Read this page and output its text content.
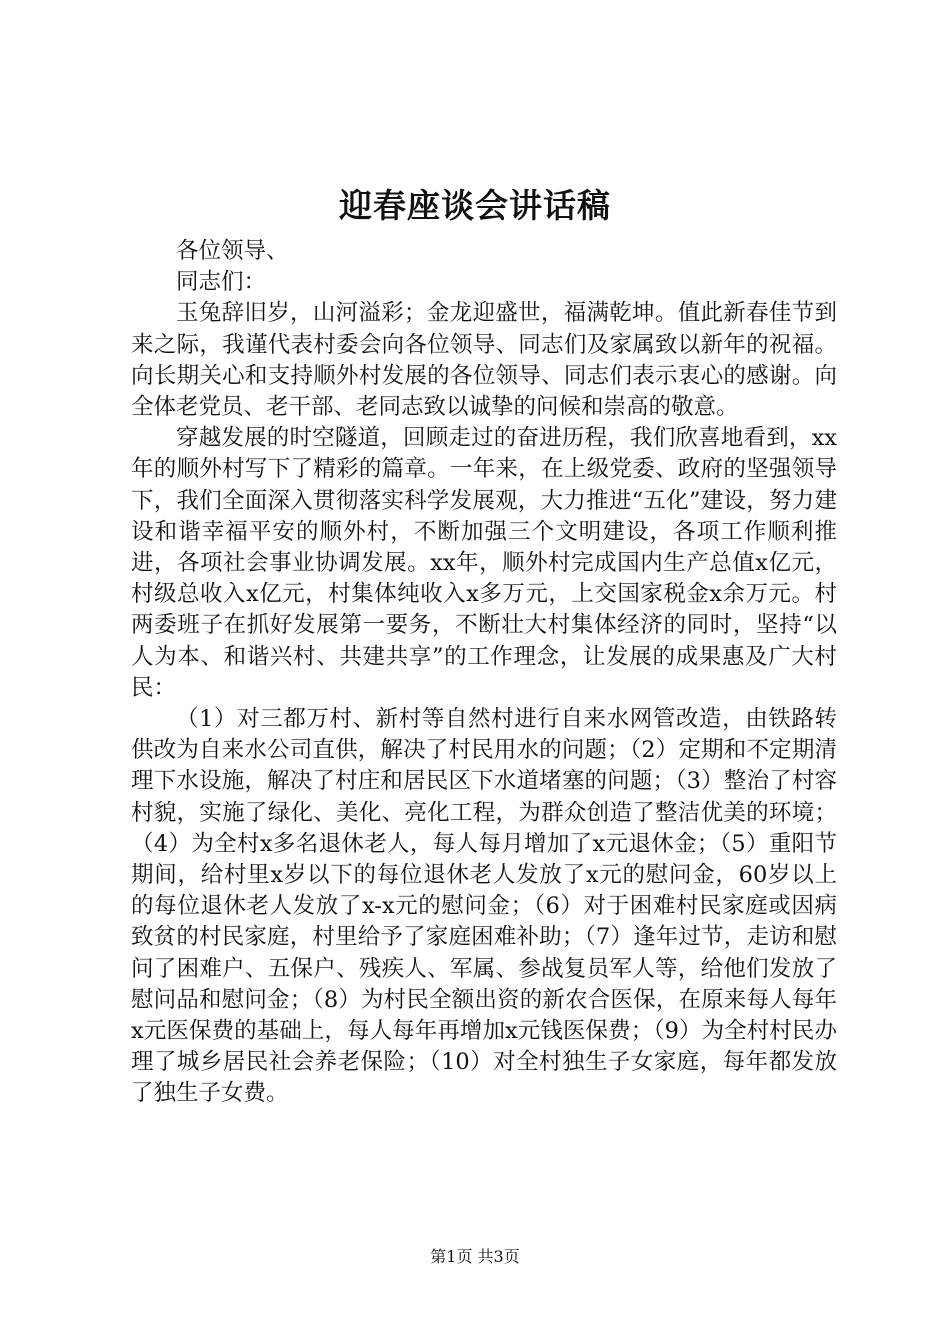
迎春座谈会讲话稿

各位领导、

同志们：

玉兔辞旧岁，山河溢彩；金龙迎盛世，福满乾坤。值此新春佳节到来之际，我谨代表村委会向各位领导、同志们及家属致以新年的祝福。向长期关心和支持顺外村发展的各位领导、同志们表示衷心的感谢。向全体老党员、老干部、老同志致以诚挚的问候和崇高的敬意。

穿越发展的时空隧道，回顾走过的奋进历程，我们欣喜地看到，xx年的顺外村写下了精彩的篇章。一年来，在上级党委、政府的坚强领导下，我们全面深入贯彻落实科学发展观，大力推进“五化”建设，努力建设和谐幸福平安的顺外村，不断加强三个文明建设，各项工作顺利推进，各项社会事业协调发展。xx年，顺外村完成国内生产总值x亿元，村级总收入x亿元，村集体纯收入x多万元，上交国家税金x余万元。村两委班子在抓好发展第一要务，不断壮大村集体经济的同时，坚持“以人为本、和谐兴村、共建共享”的工作理念，让发展的成果惠及广大村民：

（1）对三都万村、新村等自然村进行自来水网管改造，由铁路转供改为自来水公司直供，解决了村民用水的问题；（2）定期和不定期清理下水设施，解决了村庄和居民区下水道堵塞的问题；（3）整治了村容村貌，实施了绿化、美化、亮化工程，为群众创造了整洁优美的环境；（4）为全村x多名退休老人，每人每月增加了x元退休金；（5）重阳节期间，给村里x岁以下的每位退休老人发放了x元的慰问金，60岁以上的每位退休老人发放了x-x元的慰问金；（6）对于困难村民家庭或因病致贫的村民家庭，村里给予了家庭困难补助；（7）逢年过节，走访和慰问了困难户、五保户、残疾人、军属、参战复员军人等，给他们发放了慰问品和慰问金；（8）为村民全额出资的新农合医保，在原来每人每年x元医保费的基础上，每人每年再增加x元钱医保费；（9）为全村村民办理了城乡居民社会养老保险；（10）对全村独生子女家庭，每年都发放了独生子女费。

第1页 共3页
